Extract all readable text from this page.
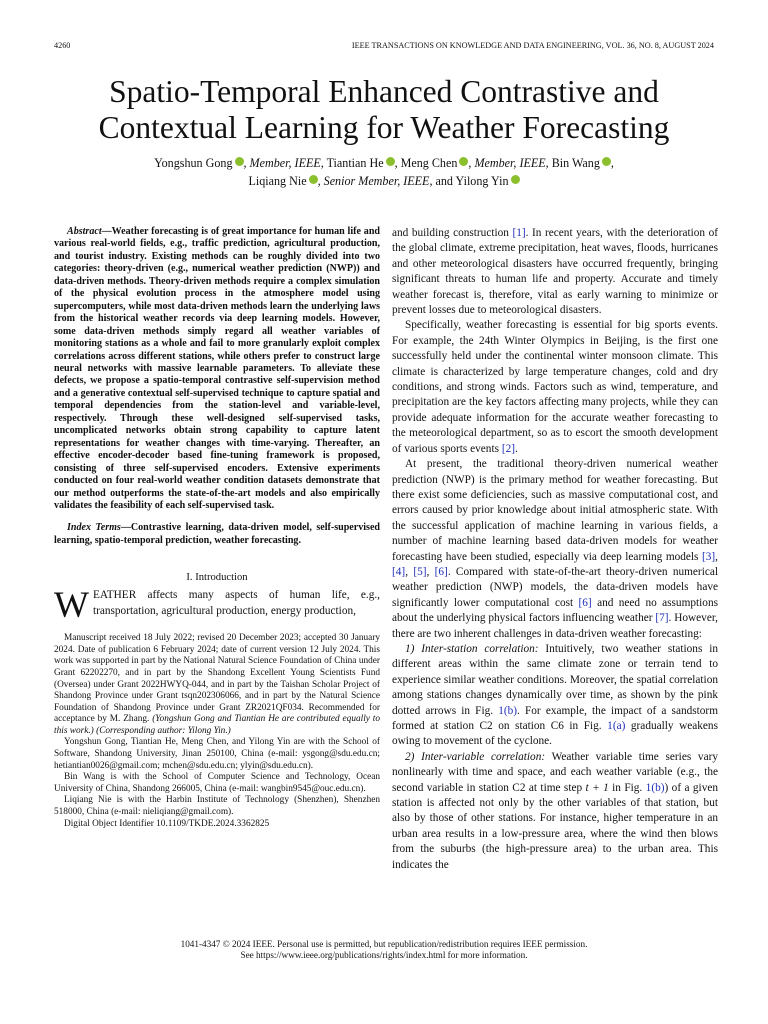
4260	IEEE TRANSACTIONS ON KNOWLEDGE AND DATA ENGINEERING, VOL. 36, NO. 8, AUGUST 2024
Spatio-Temporal Enhanced Contrastive and
Contextual Learning for Weather Forecasting
Yongshun Gong , Member, IEEE, Tiantian He , Meng Chen , Member, IEEE, Bin Wang ,
Liqiang Nie , Senior Member, IEEE, and Yilong Yin

Abstract—Weather forecasting is of great importance for human life and various real-world fields, e.g., traffic prediction, agricultural production, and tourist industry. Existing methods can be roughly divided into two categories: theory-driven (e.g., numerical weather prediction (NWP)) and data-driven methods. Theory-driven methods require a complex simulation of the physical evolution process in the atmosphere model using supercomputers, while most data-driven methods learn the underlying laws from the historical weather records via deep learning models. However, some data-driven methods simply regard all weather variables of monitoring stations as a whole and fail to more granularly exploit complex correlations across different stations, while others prefer to construct large neural networks with massive learnable parameters. To alleviate these defects, we propose a spatio-temporal contrastive self-supervision method and a generative contextual self-supervised technique to capture spatial and temporal dependencies from the station-level and variable-level, respectively. Through these well-designed self-supervised tasks, uncomplicated networks obtain strong capability to capture latent representations for weather changes with time-varying. Thereafter, an effective encoder-decoder based fine-tuning framework is proposed, consisting of three self-supervised encoders. Extensive experiments conducted on four real-world weather condition datasets demonstrate that our method outperforms the state-of-the-art models and also empirically validates the feasibility of each self-supervised task.

Index Terms—Contrastive learning, data-driven model, self-supervised learning, spatio-temporal prediction, weather forecasting.

I. Introduction

WEATHER affects many aspects of human life, e.g., transportation, agricultural production, energy production,

Manuscript received 18 July 2022; revised 20 December 2023; accepted 30 January 2024. Date of publication 6 February 2024; date of current version 12 July 2024. This work was supported in part by the National Natural Science Foundation of China under Grant 62202270, and in part by the Shandong Excellent Young Scientists Fund (Oversea) under Grant 2022HWYQ-044, and in part by the Taishan Scholar Project of Shandong Province under Grant tsqn202306066, and in part by the Natural Science Foundation of Shandong Province under Grant ZR2021QF034. Recommended for acceptance by M. Zhang. (Yongshun Gong and Tiantian He are contributed equally to this work.) (Corresponding author: Yilong Yin.)

Yongshun Gong, Tiantian He, Meng Chen, and Yilong Yin are with the School of Software, Shandong University, Jinan 250100, China (e-mail: ysgong@sdu.edu.cn; hetiantian0026@gmail.com; mchen@sdu.edu.cn; ylyin@sdu.edu.cn).

Bin Wang is with the School of Computer Science and Technology, Ocean University of China, Shandong 266005, China (e-mail: wangbin9545@ouc.edu.cn).

Liqiang Nie is with the Harbin Institute of Technology (Shenzhen), Shenzhen 518000, China (e-mail: nieliqiang@gmail.com).

Digital Object Identifier 10.1109/TKDE.2024.3362825

and building construction [1]. In recent years, with the deterioration of the global climate, extreme precipitation, heat waves, floods, hurricanes and other meteorological disasters have occurred frequently, bringing significant threats to human life and property. Accurate and timely weather forecast is, therefore, vital as early warning to minimize or prevent losses due to meteorological disasters.

Specifically, weather forecasting is essential for big sports events. For example, the 24th Winter Olympics in Beijing, is the first one successfully held under the continental winter monsoon climate. This climate is characterized by large temperature changes, cold and dry conditions, and strong winds. Factors such as wind, temperature, and precipitation are the key factors affecting many projects, while they can provide adequate information for the accurate weather forecasting to the meteorological department, so as to escort the smooth development of various sports events [2].

At present, the traditional theory-driven numerical weather prediction (NWP) is the primary method for weather forecasting. But there exist some deficiencies, such as massive computational cost, and errors caused by prior knowledge about initial atmospheric state. With the successful application of machine learning in various fields, a number of machine learning based data-driven models for weather forecasting have been studied, especially via deep learning models [3], [4], [5], [6]. Compared with state-of-the-art theory-driven numerical weather prediction (NWP) models, the data-driven models have significantly lower computational cost [6] and need no assumptions about the underlying physical factors influencing weather [7]. However, there are two inherent challenges in data-driven weather forecasting:

1) Inter-station correlation: Intuitively, two weather stations in different areas within the same climate zone or terrain tend to experience similar weather conditions. Moreover, the spatial correlation among stations changes dynamically over time, as shown by the pink dotted arrows in Fig. 1(b). For example, the impact of a sandstorm formed at station C2 on station C6 in Fig. 1(a) gradually weakens owing to movement of the cyclone.

2) Inter-variable correlation: Weather variable time series vary nonlinearly with time and space, and each weather variable (e.g., the second variable in station C2 at time step t + 1 in Fig. 1(b)) of a given station is affected not only by the other variables of that station, but also by those of other stations. For instance, higher temperature in an urban area results in a low-pressure area, where the wind then blows from the suburbs (the high-pressure area) to the urban area. This indicates the

1041-4347 © 2024 IEEE. Personal use is permitted, but republication/redistribution requires IEEE permission.
See https://www.ieee.org/publications/rights/index.html for more information.
